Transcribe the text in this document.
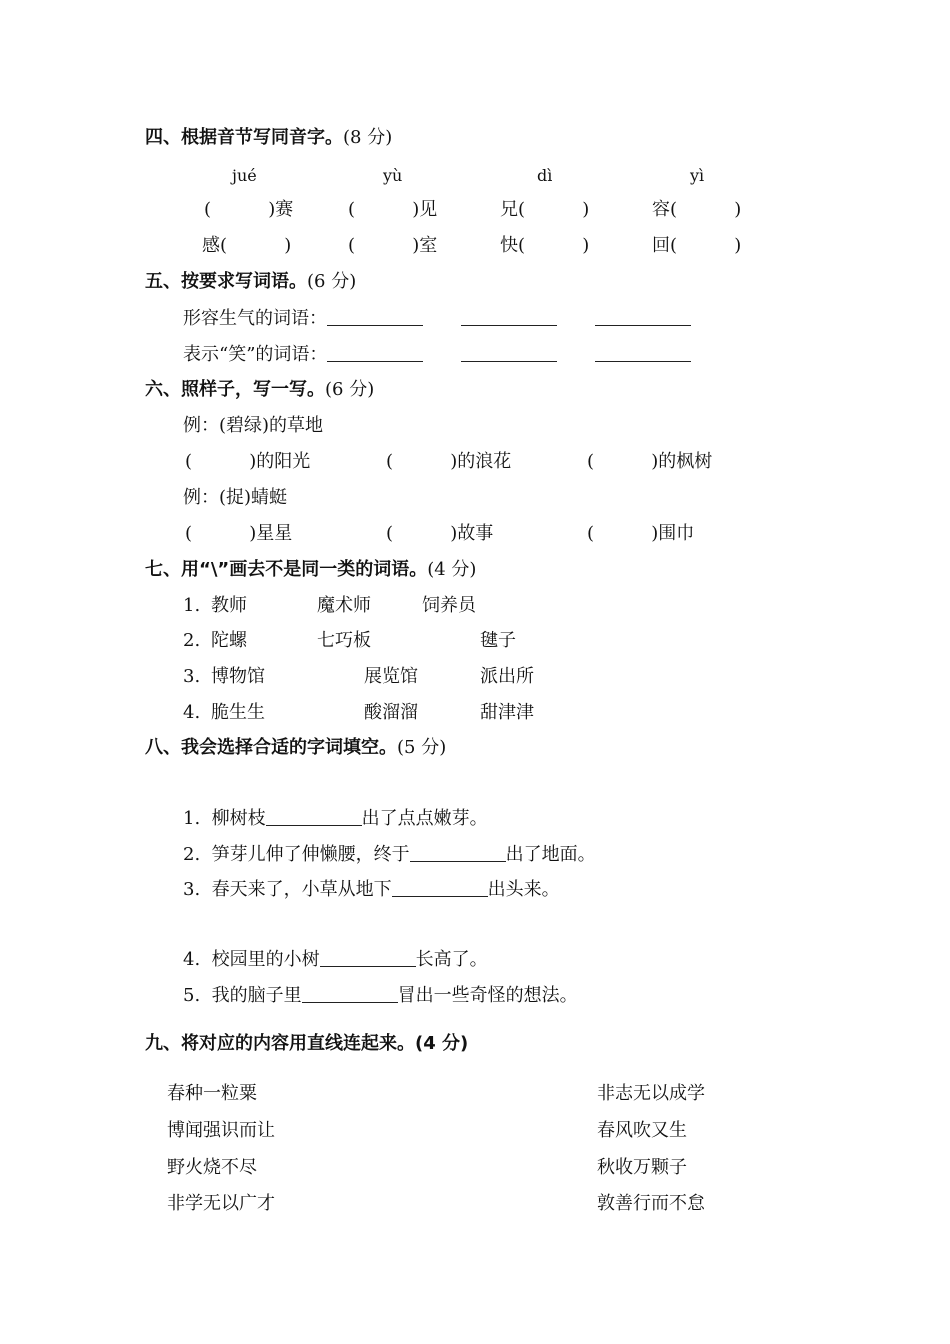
四、根据音节写同音字。(8 分)
jué	yù	dì	yì
(          )赛	(          )见	兄(          )	容(          )
感(          )	(          )室	快(          )	回(          )
五、按要求写词语。(6 分)
形容生气的词语：
表示“笑”的词语：
六、照样子，写一写。(6 分)
例：(碧绿)的草地
(          )的阳光	(          )的浪花	(          )的枫树
例：(捉)蜻蜓
(          )星星	(          )故事	(          )围巾
七、用“\”画去不是同一类的词语。(4 分)
1. 教师	魔术师	饲养员
2. 陀螺	七巧板	毽子
3. 博物馆	展览馆	派出所
4. 脆生生	酸溜溜	甜津津
八、我会选择合适的字词填空。(5 分)
1. 柳树枝	出了点点嫩芽。
2. 笋芽儿伸了伸懒腰，终于	出了地面。
3. 春天来了，小草从地下	出头来。
4. 校园里的小树	长高了。
5. 我的脑子里	冒出一些奇怪的想法。
九、将对应的内容用直线连起来。(4 分)
春种一粒粟
博闻强识而让
野火烧不尽
非学无以广才
非志无以成学
春风吹又生
秋收万颗子
敦善行而不怠
